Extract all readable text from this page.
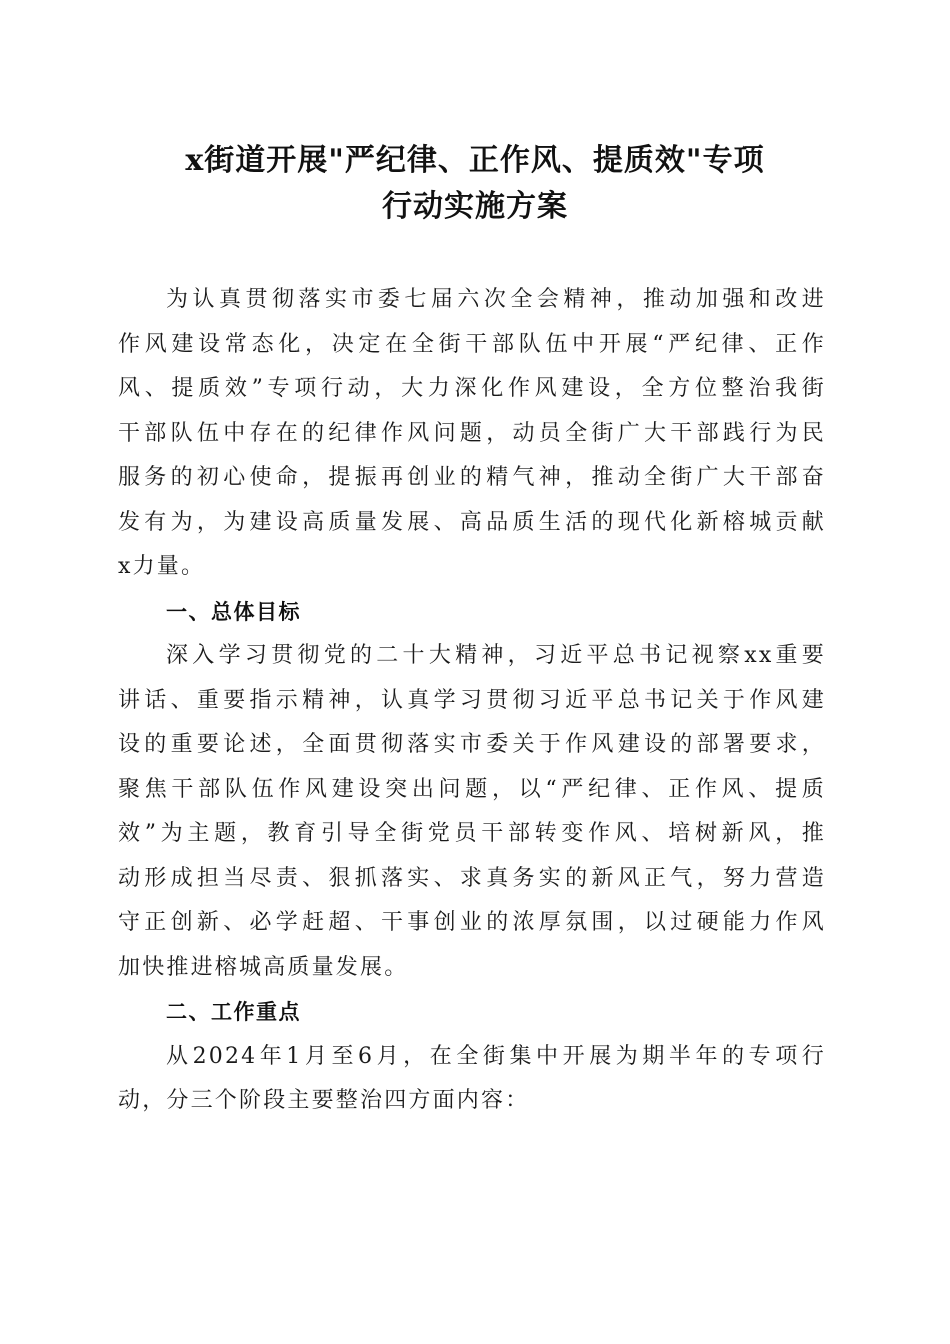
x街道开展"严纪律、正作风、提质效"专项
行动实施方案

为认真贯彻落实市委七届六次全会精神，推动加强和改进
作风建设常态化，决定在全街干部队伍中开展“严纪律、正作
风、提质效”专项行动，大力深化作风建设，全方位整治我街
干部队伍中存在的纪律作风问题，动员全街广大干部践行为民
服务的初心使命，提振再创业的精气神，推动全街广大干部奋
发有为，为建设高质量发展、高品质生活的现代化新榕城贡献
x力量。

一、总体目标

深入学习贯彻党的二十大精神，习近平总书记视察xx重要
讲话、重要指示精神，认真学习贯彻习近平总书记关于作风建
设的重要论述，全面贯彻落实市委关于作风建设的部署要求，
聚焦干部队伍作风建设突出问题，以“严纪律、正作风、提质
效”为主题，教育引导全街党员干部转变作风、培树新风，推
动形成担当尽责、狠抓落实、求真务实的新风正气，努力营造
守正创新、必学赶超、干事创业的浓厚氛围，以过硬能力作风
加快推进榕城高质量发展。

二、工作重点

从2024年1月至6月，在全街集中开展为期半年的专项行
动，分三个阶段主要整治四方面内容：
